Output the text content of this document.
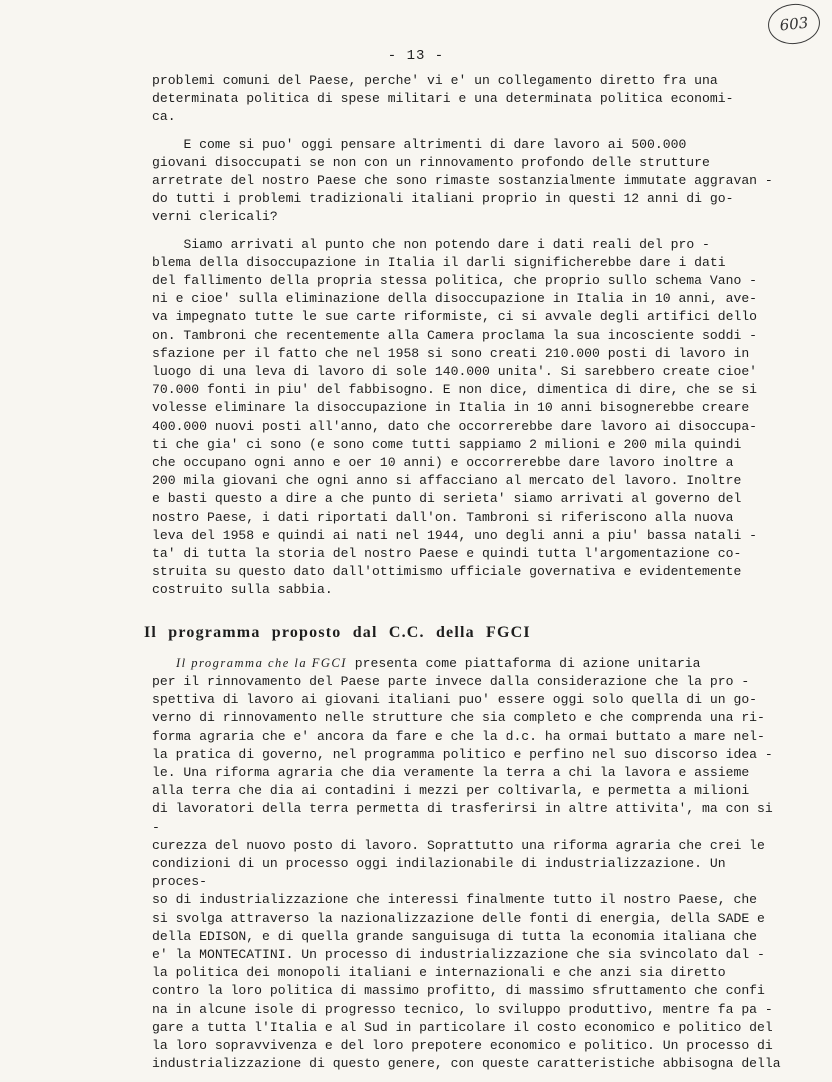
603
- 13 -

problemi comuni del Paese, perche' vi e' un collegamento diretto fra una
determinata politica di spese militari e una determinata politica economi-
ca.

E come si puo' oggi pensare altrimenti di dare lavoro ai 500.000
giovani disoccupati se non con un rinnovamento profondo delle strutture
arretrate del nostro Paese che sono rimaste sostanzialmente immutate aggravan -
do tutti i problemi tradizionali italiani proprio in questi 12 anni di go-
verni clericali?

Siamo arrivati al punto che non potendo dare i dati reali del pro -
blema della disoccupazione in Italia il darli significherebbe dare i dati
del fallimento della propria stessa politica, che proprio sullo schema Vano -
ni e cioe' sulla eliminazione della disoccupazione in Italia in 10 anni, ave-
va impegnato tutte le sue carte riformiste, ci si avvale degli artifici dello
on. Tambroni che recentemente alla Camera proclama la sua incosciente soddi -
sfazione per il fatto che nel 1958 si sono creati 210.000 posti di lavoro in
luogo di una leva di lavoro di sole 140.000 unita'. Si sarebbero create cioe'
70.000 fonti in piu' del fabbisogno. E non dice, dimentica di dire, che se si
volesse eliminare la disoccupazione in Italia in 10 anni bisognerebbe creare
400.000 nuovi posti all'anno, dato che occorrerebbe dare lavoro ai disoccupa-
ti che gia' ci sono (e sono come tutti sappiamo 2 milioni e 200 mila quindi
che occupano ogni anno e oer 10 anni) e occorrerebbe dare lavoro inoltre a
200 mila giovani che ogni anno si affacciano al mercato del lavoro. Inoltre
e basti questo a dire a che punto di serieta' siamo arrivati al governo del
nostro Paese, i dati riportati dall'on. Tambroni si riferiscono alla nuova
leva del 1958 e quindi ai nati nel 1944, uno degli anni a piu' bassa natali -
ta' di tutta la storia del nostro Paese e quindi tutta l'argomentazione co-
struita su questo dato dall'ottimismo ufficiale governativa e evidentemente
costruito sulla sabbia.

Il programma proposto dal C.C. della FGCI

Il programma che la FGCI presenta come piattaforma di azione unitaria
per il rinnovamento del Paese parte invece dalla considerazione che la pro -
spettiva di lavoro ai giovani italiani puo' essere oggi solo quella di un go-
verno di rinnovamento nelle strutture che sia completo e che comprenda una ri-
forma agraria che e' ancora da fare e che la d.c. ha ormai buttato a mare nel-
la pratica di governo, nel programma politico e perfino nel suo discorso idea -
le. Una riforma agraria che dia veramente la terra a chi la lavora e assieme
alla terra che dia ai contadini i mezzi per coltivarla, e permetta a milioni
di lavoratori della terra permetta di trasferirsi in altre attivita', ma con si -
curezza del nuovo posto di lavoro. Soprattutto una riforma agraria che crei le
condizioni di un processo oggi indilazionabile di industrializzazione. Un proces-
so di industrializzazione che interessi finalmente tutto il nostro Paese, che
si svolga attraverso la nazionalizzazione delle fonti di energia, della SADE e
della EDISON, e di quella grande sanguisuga di tutta la economia italiana che
e' la MONTECATINI. Un processo di industrializzazione che sia svincolato dal -
la politica dei monopoli italiani e internazionali e che anzi sia diretto
contro la loro politica di massimo profitto, di massimo sfruttamento che confi
na in alcune isole di progresso tecnico, lo sviluppo produttivo, mentre fa pa -
gare a tutta l'Italia e al Sud in particolare il costo economico e politico del
la loro sopravvivenza e del loro prepotere economico e politico. Un processo di
industrializzazione di questo genere, con queste caratteristiche abbisogna della
